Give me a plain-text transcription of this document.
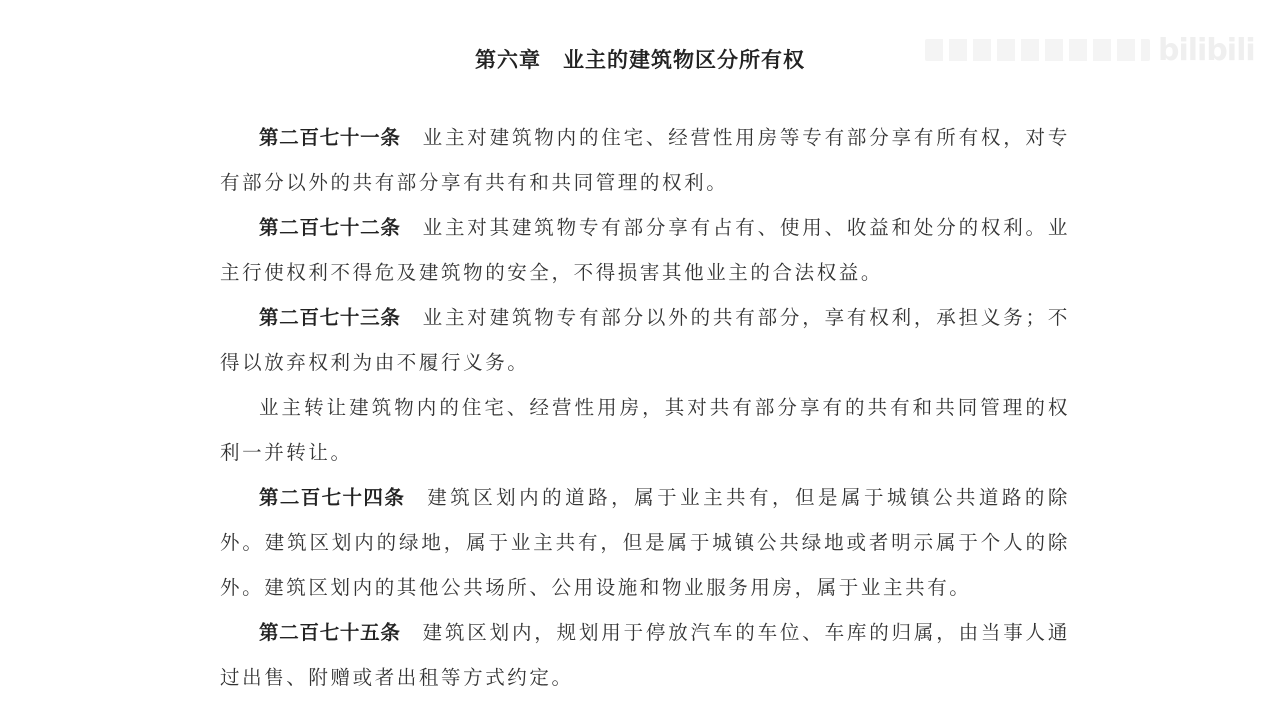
bilibili
第六章　业主的建筑物区分所有权

第二百七十一条 业主对建筑物内的住宅、经营性用房等专有部分享有所有权，对专有部分以外的共有部分享有共有和共同管理的权利。

第二百七十二条 业主对其建筑物专有部分享有占有、使用、收益和处分的权利。业主行使权利不得危及建筑物的安全，不得损害其他业主的合法权益。

第二百七十三条 业主对建筑物专有部分以外的共有部分，享有权利，承担义务；不得以放弃权利为由不履行义务。

业主转让建筑物内的住宅、经营性用房，其对共有部分享有的共有和共同管理的权利一并转让。

第二百七十四条 建筑区划内的道路，属于业主共有，但是属于城镇公共道路的除外。建筑区划内的绿地，属于业主共有，但是属于城镇公共绿地或者明示属于个人的除外。建筑区划内的其他公共场所、公用设施和物业服务用房，属于业主共有。

第二百七十五条 建筑区划内，规划用于停放汽车的车位、车库的归属，由当事人通过出售、附赠或者出租等方式约定。
